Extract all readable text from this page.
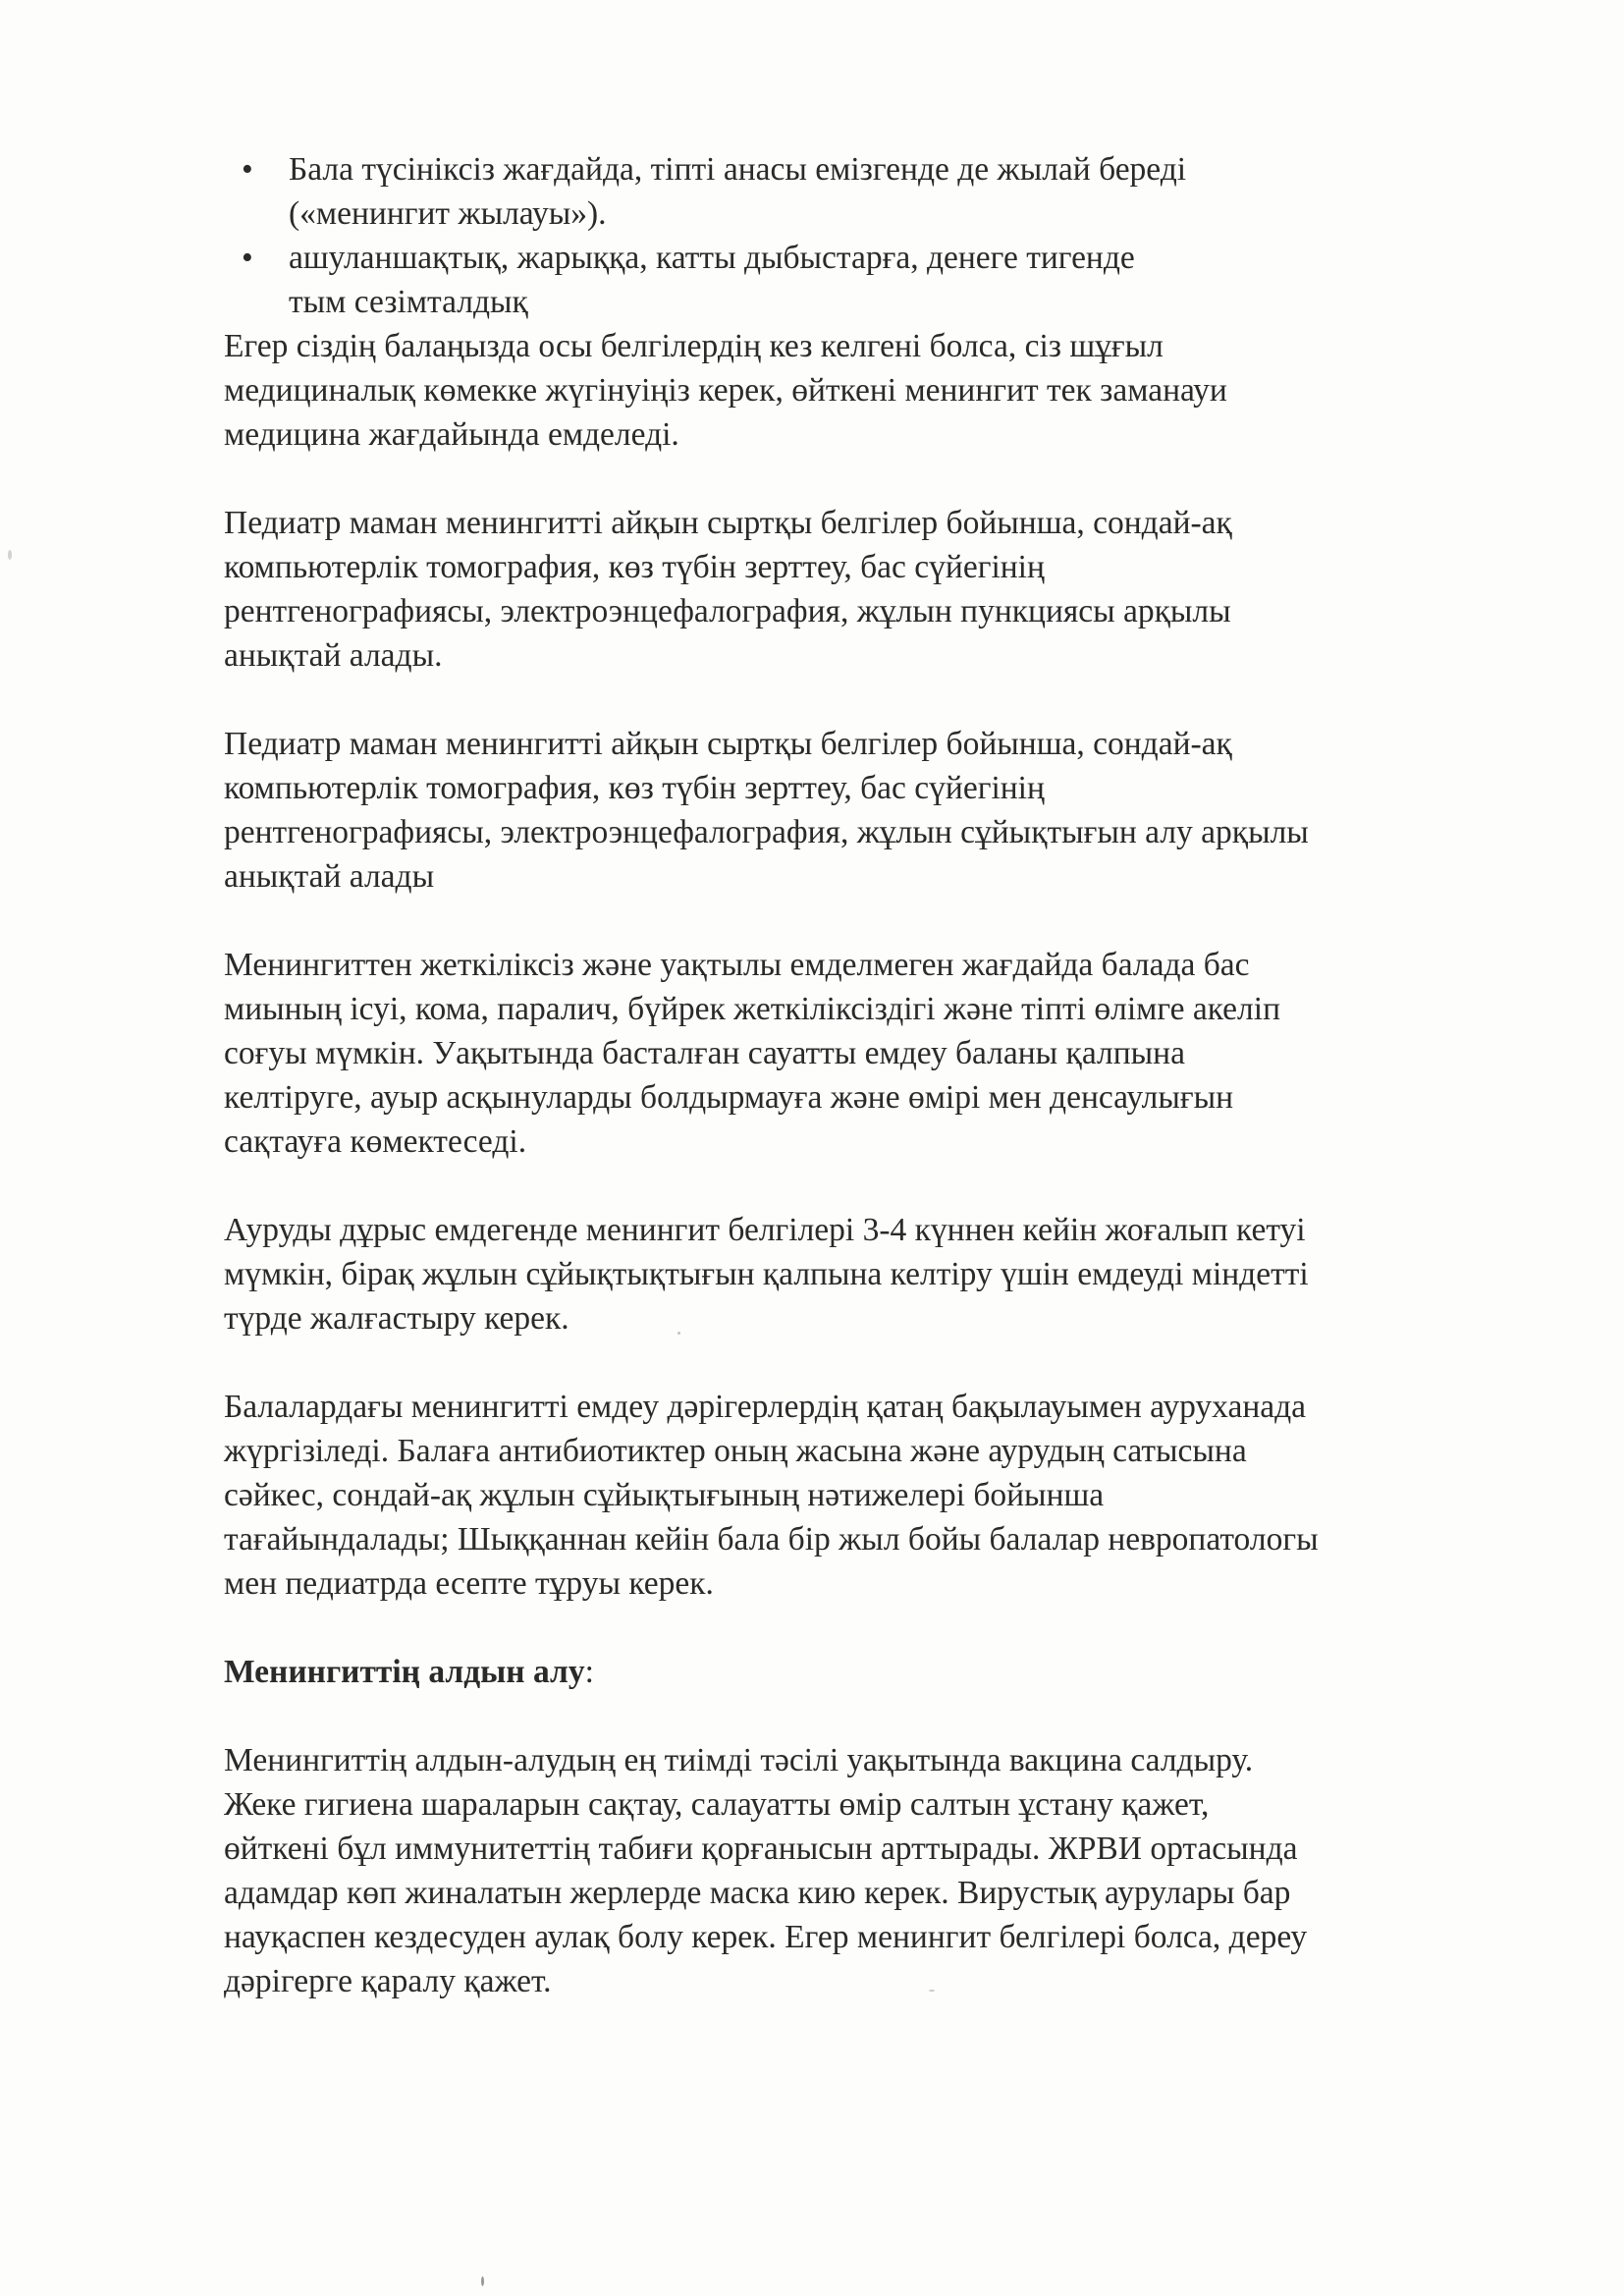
• Бала түсініксіз жағдайда, тіпті анасы емізгенде де жылай береді
(«менингит жылауы»).
• ашуланшақтық, жарыққа, катты дыбыстарға, денеге тигенде
тым сезімталдық

Егер сіздің балаңызда осы белгілердің кез келгені болса, сіз шұғыл
медициналық көмекке жүгінуіңіз керек, өйткені менингит тек заманауи
медицина жағдайында емделеді.

Педиатр маман менингитті айқын сыртқы белгілер бойынша, сондай-ақ
компьютерлік томография, көз түбін зерттеу, бас сүйегінің
рентгенографиясы, электроэнцефалография, жұлын пункциясы арқылы
анықтай алады.

Педиатр маман менингитті айқын сыртқы белгілер бойынша, сондай-ақ
компьютерлік томография, көз түбін зерттеу, бас сүйегінің
рентгенографиясы, электроэнцефалография, жұлын сұйықтығын алу арқылы
анықтай алады

Менингиттен жеткіліксіз және уақтылы емделмеген жағдайда балада бас
миының ісуі, кома, паралич, бүйрек жеткіліксіздігі және тіпті өлімге акеліп
соғуы мүмкін. Уақытында басталған сауатты емдеу баланы қалпына
келтіруге, ауыр асқынуларды болдырмауға және өмірі мен денсаулығын
сақтауға көмектеседі.

Ауруды дұрыс емдегенде менингит белгілері 3-4 күннен кейін жоғалып кетуі
мүмкін, бірақ жұлын сұйықтықтығын қалпына келтіру үшін емдеуді міндетті
түрде жалғастыру керек.

Балалардағы менингитті емдеу дәрігерлердің қатаң бақылауымен ауруханада
жүргізіледі. Балаға антибиотиктер оның жасына және аурудың сатысына
сәйкес, сондай-ақ жұлын сұйықтығының нәтижелері бойынша
тағайындалады; Шыққаннан кейін бала бір жыл бойы балалар невропатологы
мен педиатрда есепте тұруы керек.

Менингиттің алдын алу:

Менингиттің алдын-алудың ең тиімді тәсілі уақытында вакцина салдыру.
Жеке гигиена шараларын сақтау, салауатты өмір салтын ұстану қажет,
өйткені бұл иммунитеттің табиғи қорғанысын арттырады. ЖРВИ ортасында
адамдар көп жиналатын жерлерде маска кию керек. Вирустық аурулары бар
науқаспен кездесуден аулақ болу керек. Егер менингит белгілері болса, дереу
дәрігерге қаралу қажет.
